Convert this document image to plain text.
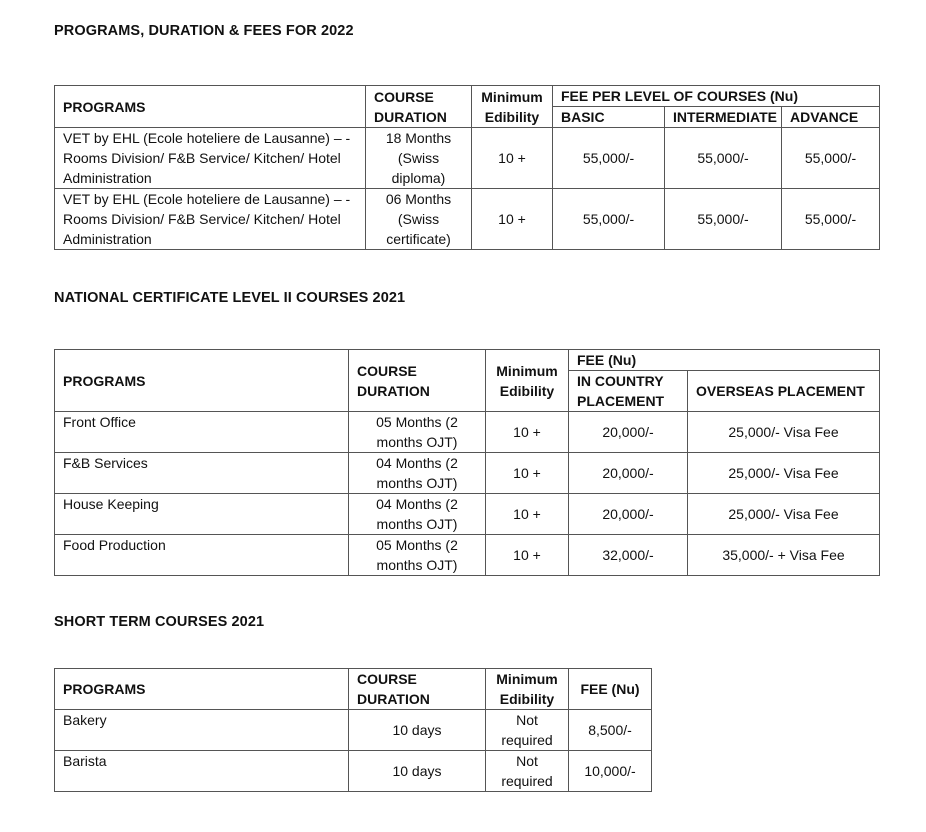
PROGRAMS, DURATION & FEES FOR 2022
PROGRAMS	COURSE DURATION	Minimum Edibility	FEE PER LEVEL OF COURSES (Nu)		
			BASIC	INTERMEDIATE	ADVANCE
VET by EHL (Ecole hoteliere de Lausanne) – -Rooms Division/ F&B Service/ Kitchen/ Hotel Administration	18 Months (Swiss diploma)	10 +	55,000/-	55,000/-	55,000/-
VET by EHL (Ecole hoteliere de Lausanne) – -Rooms Division/ F&B Service/ Kitchen/ Hotel Administration	06 Months (Swiss certificate)	10 +	55,000/-	55,000/-	55,000/-
NATIONAL CERTIFICATE LEVEL II COURSES 2021
PROGRAMS	COURSE DURATION	Minimum Edibility	FEE (Nu)	
			IN COUNTRY PLACEMENT	OVERSEAS PLACEMENT
Front Office	05 Months (2 months OJT)	10 +	20,000/-	25,000/- Visa Fee
F&B Services	04 Months (2 months OJT)	10 +	20,000/-	25,000/- Visa Fee
House Keeping	04 Months (2 months OJT)	10 +	20,000/-	25,000/- Visa Fee
Food Production	05 Months (2 months OJT)	10 +	32,000/-	35,000/- + Visa Fee
SHORT TERM COURSES 2021
PROGRAMS	COURSE DURATION	Minimum Edibility	FEE (Nu)
Bakery	10 days	Not required	8,500/-
Barista	10 days	Not required	10,000/-
